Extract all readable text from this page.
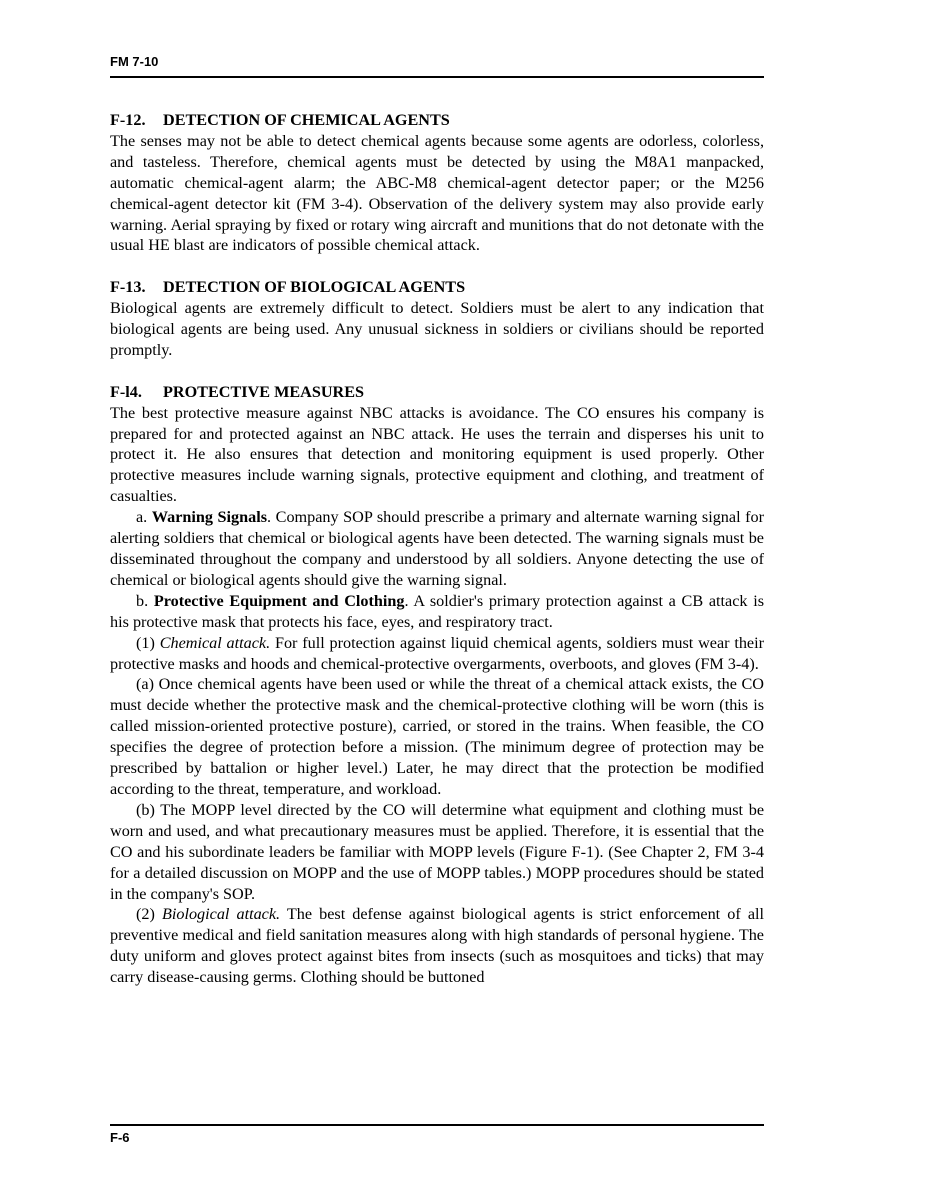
FM 7-10

F-12. DETECTION OF CHEMICAL AGENTS

The senses may not be able to detect chemical agents because some agents are odorless, colorless, and tasteless. Therefore, chemical agents must be detected by using the M8A1 manpacked, automatic chemical-agent alarm; the ABC-M8 chemical-agent detector paper; or the M256 chemical-agent detector kit (FM 3-4). Observation of the delivery system may also provide early warning. Aerial spraying by fixed or rotary wing aircraft and munitions that do not detonate with the usual HE blast are indicators of possible chemical attack.

F-13. DETECTION OF BIOLOGICAL AGENTS

Biological agents are extremely difficult to detect. Soldiers must be alert to any indication that biological agents are being used. Any unusual sickness in soldiers or civilians should be reported promptly.

F-l4. PROTECTIVE MEASURES

The best protective measure against NBC attacks is avoidance. The CO ensures his company is prepared for and protected against an NBC attack. He uses the terrain and disperses his unit to protect it. He also ensures that detection and monitoring equipment is used properly. Other protective measures include warning signals, protective equipment and clothing, and treatment of casualties.

a. Warning Signals. Company SOP should prescribe a primary and alternate warning signal for alerting soldiers that chemical or biological agents have been detected. The warning signals must be disseminated throughout the company and understood by all soldiers. Anyone detecting the use of chemical or biological agents should give the warning signal.

b. Protective Equipment and Clothing. A soldier's primary protection against a CB attack is his protective mask that protects his face, eyes, and respiratory tract.

(1) Chemical attack. For full protection against liquid chemical agents, soldiers must wear their protective masks and hoods and chemical-protective overgarments, overboots, and gloves (FM 3-4).

(a) Once chemical agents have been used or while the threat of a chemical attack exists, the CO must decide whether the protective mask and the chemical-protective clothing will be worn (this is called mission-oriented protective posture), carried, or stored in the trains. When feasible, the CO specifies the degree of protection before a mission. (The minimum degree of protection may be prescribed by battalion or higher level.) Later, he may direct that the protection be modified according to the threat, temperature, and workload.

(b) The MOPP level directed by the CO will determine what equipment and clothing must be worn and used, and what precautionary measures must be applied. Therefore, it is essential that the CO and his subordinate leaders be familiar with MOPP levels (Figure F-1). (See Chapter 2, FM 3-4 for a detailed discussion on MOPP and the use of MOPP tables.) MOPP procedures should be stated in the company's SOP.

(2) Biological attack. The best defense against biological agents is strict enforcement of all preventive medical and field sanitation measures along with high standards of personal hygiene. The duty uniform and gloves protect against bites from insects (such as mosquitoes and ticks) that may carry disease-causing germs. Clothing should be buttoned

F-6
